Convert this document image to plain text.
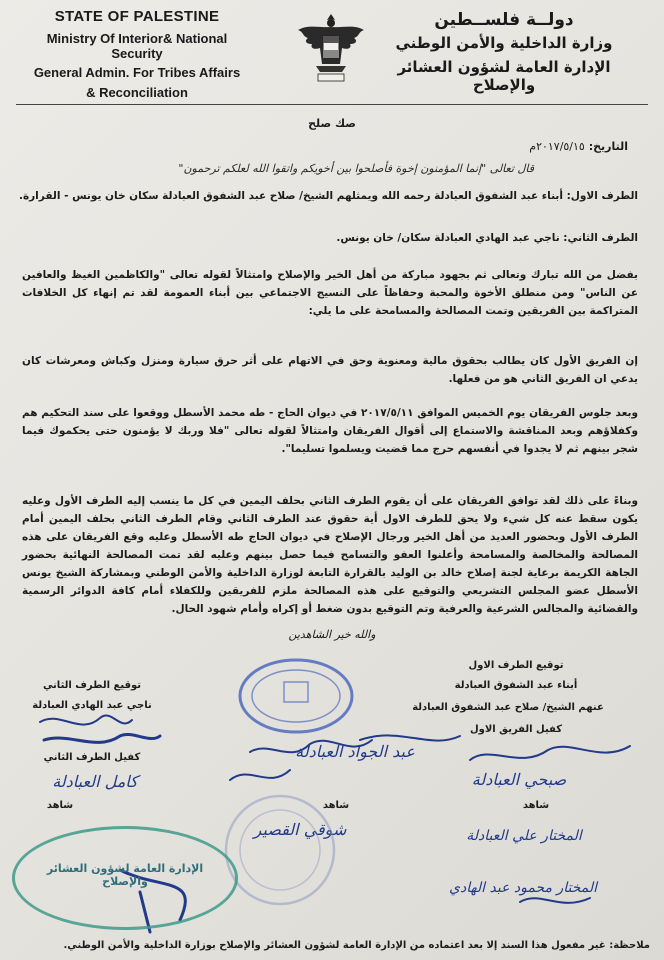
STATE OF PALESTINE
Ministry Of Interior& National Security
General Admin. For Tribes Affairs
& Reconciliation
دولــة فلســطين
وزارة الداخلية والأمن الوطني
الإدارة العامة لشؤون العشائر والإصلاح
صك صلح
التاريخ: ٢٠١٧/٥/١٥م
قال تعالى "إنما المؤمنون إخوة فأصلحوا بين أخويكم واتقوا الله لعلكم ترحمون"
الطرف الاول: أبناء عبد الشفوق العبادلة رحمه الله ويمثلهم الشيخ/ صلاح عبد الشفوق العبادلة سكان خان يونس - القرارة.
الطرف الثاني: ناجي عبد الهادي العبادلة سكان/ خان يونس.
بفضل من الله تبارك وتعالى ثم بجهود مباركة من أهل الخير والإصلاح وامتثالاً لقوله تعالى "والكاظمين الغيظ والعافين عن الناس" ومن منطلق الأخوة والمحبة وحفاظاً على النسيج الاجتماعي بين أبناء العمومة لقد تم إنهاء كل الخلافات المتراكمة بين الفريقين وتمت المصالحة والمسامحة على ما يلي:
إن الفريق الأول كان يطالب بحقوق مالية ومعنوية وحق في الاتهام على أثر حرق سيارة ومنزل وكباش ومعرشات كان يدعي ان الفريق الثاني هو من فعلها.
وبعد جلوس الفريقان يوم الخميس الموافق ٢٠١٧/٥/١١ في ديوان الحاج - طه محمد الأسطل ووقعوا على سند التحكيم هم وكفلاؤهم وبعد المناقشة والاستماع إلى أقوال الفريقان وامتثالاً لقوله تعالى "فلا وربك لا يؤمنون حتى يحكموك فيما شجر بينهم ثم لا يجدوا في أنفسهم حرج مما قضيت ويسلموا تسليما".
وبناءً على ذلك لقد توافق الفريقان على أن يقوم الطرف الثاني بحلف اليمين في كل ما ينسب إليه الطرف الأول وعليه يكون سقط عنه كل شيء ولا يحق للطرف الاول أية حقوق عند الطرف الثاني وقام الطرف الثاني بحلف اليمين أمام الطرف الأول وبحضور العديد من أهل الخير ورجال الإصلاح في ديوان الحاج طه الأسطل وعليه وقع الفريقان على هذه المصالحة والمخالصة والمسامحة وأعلنوا العفو والتسامح فيما حصل بينهم وعليه لقد تمت المصالحة النهائية بحضور الجاهة الكريمة برعاية لجنة إصلاح خالد بن الوليد بالقرارة التابعة لوزارة الداخلية والأمن الوطني وبمشاركة الشيخ يونس الأسطل عضو المجلس التشريعي والتوقيع على هذه المصالحة ملزم للفريقين وللكفلاء أمام كافة الدوائر الرسمية والقضائية والمجالس الشرعية والعرفية وتم التوقيع بدون ضغط أو إكراه وأمام شهود الحال.
والله خير الشاهدين
توقيع الطرف الاول
أبناء عبد الشفوق العبادلة
عنهم الشيخ/ صلاح عبد الشفوق العبادلة
كفيل الفريق الاول
توقيع الطرف الثاني
ناجي عبد الهادي العبادلة
كفيل الطرف الثاني
شاهد	شاهد	شاهد
صبحي العبادلة
عبد الجواد العبادلة
المختار علي العبادلة
شوقي القصير
المختار محمود عبد الهادي
كامل العبادلة
الإدارة العامة لشؤون العشائر والإصلاح
ملاحظة: غير مفعول هذا السند إلا بعد اعتماده من الإدارة العامة لشؤون العشائر والإصلاح بوزارة الداخلية والأمن الوطني.
